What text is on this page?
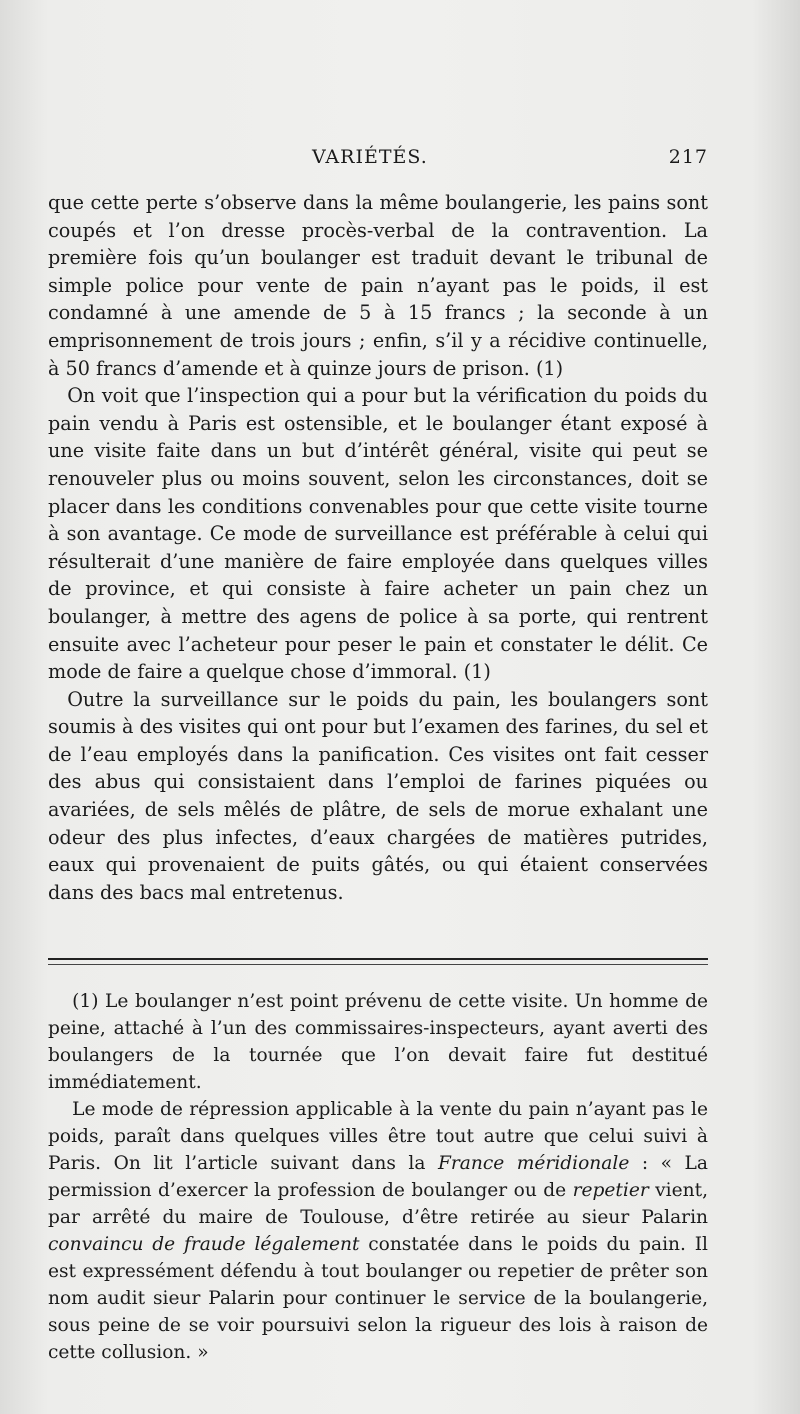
VARIÉTÉS.	217

que cette perte s’observe dans la même boulangerie, les pains sont coupés et l’on dresse procès-verbal de la contravention. La première fois qu’un boulanger est traduit devant le tribunal de simple police pour vente de pain n’ayant pas le poids, il est condamné à une amende de 5 à 15 francs ; la seconde à un emprisonnement de trois jours ; enfin, s’il y a récidive continuelle, à 50 francs d’amende et à quinze jours de prison. (1)

On voit que l’inspection qui a pour but la vérification du poids du pain vendu à Paris est ostensible, et le boulanger étant exposé à une visite faite dans un but d’intérêt général, visite qui peut se renouveler plus ou moins souvent, selon les circonstances, doit se placer dans les conditions convenables pour que cette visite tourne à son avantage. Ce mode de surveillance est préférable à celui qui résulterait d’une manière de faire employée dans quelques villes de province, et qui consiste à faire acheter un pain chez un boulanger, à mettre des agens de police à sa porte, qui rentrent ensuite avec l’acheteur pour peser le pain et constater le délit. Ce mode de faire a quelque chose d’immoral. (1)

Outre la surveillance sur le poids du pain, les boulangers sont soumis à des visites qui ont pour but l’examen des farines, du sel et de l’eau employés dans la panification. Ces visites ont fait cesser des abus qui consistaient dans l’emploi de farines piquées ou avariées, de sels mêlés de plâtre, de sels de morue exhalant une odeur des plus infectes, d’eaux chargées de matières putrides, eaux qui provenaient de puits gâtés, ou qui étaient conservées dans des bacs mal entretenus.

(1) Le boulanger n’est point prévenu de cette visite. Un homme de peine, attaché à l’un des commissaires-inspecteurs, ayant averti des boulangers de la tournée que l’on devait faire fut destitué immédiatement.

Le mode de répression applicable à la vente du pain n’ayant pas le poids, paraît dans quelques villes être tout autre que celui suivi à Paris. On lit l’article suivant dans la France méridionale : « La permission d’exercer la profession de boulanger ou de repetier vient, par arrêté du maire de Toulouse, d’être retirée au sieur Palarin convaincu de fraude légalement constatée dans le poids du pain. Il est expressément défendu à tout boulanger ou repetier de prêter son nom audit sieur Palarin pour continuer le service de la boulangerie, sous peine de se voir poursuivi selon la rigueur des lois à raison de cette collusion. »
